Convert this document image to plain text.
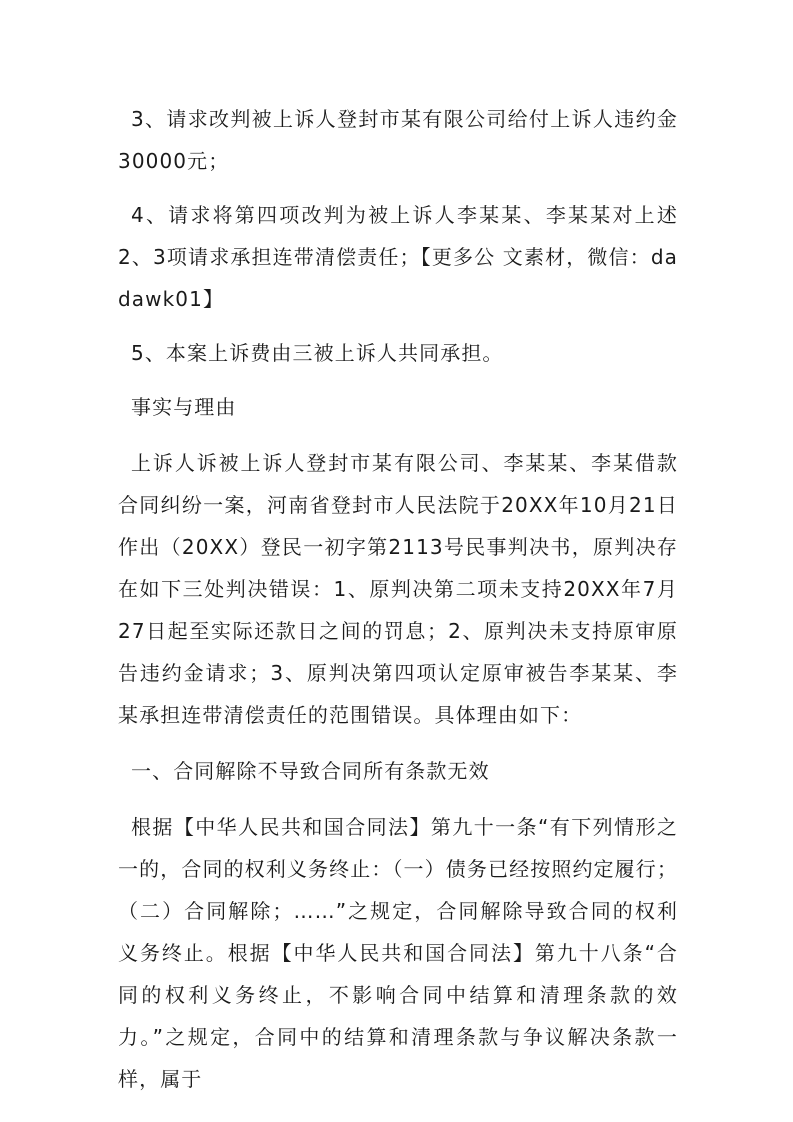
3、请求改判被上诉人登封市某有限公司给付上诉人违约金30000元；

4、请求将第四项改判为被上诉人李某某、李某某对上述2、3项请求承担连带清偿责任；【更多公 文素材，微信：dadawk01】

5、本案上诉费由三被上诉人共同承担。

事实与理由

上诉人诉被上诉人登封市某有限公司、李某某、李某借款合同纠纷一案，河南省登封市人民法院于20XX年10月21日作出（20XX）登民一初字第2113号民事判决书，原判决存在如下三处判决错误：1、原判决第二项未支持20XX年7月27日起至实际还款日之间的罚息；2、原判决未支持原审原告违约金请求；3、原判决第四项认定原审被告李某某、李某承担连带清偿责任的范围错误。具体理由如下：

一、合同解除不导致合同所有条款无效

根据【中华人民共和国合同法】第九十一条“有下列情形之一的，合同的权利义务终止：（一）债务已经按照约定履行；（二）合同解除；……”之规定，合同解除导致合同的权利义务终止。根据【中华人民共和国合同法】第九十八条“合同的权利义务终止，不影响合同中结算和清理条款的效力。”之规定，合同中的结算和清理条款与争议解决条款一样，属于
